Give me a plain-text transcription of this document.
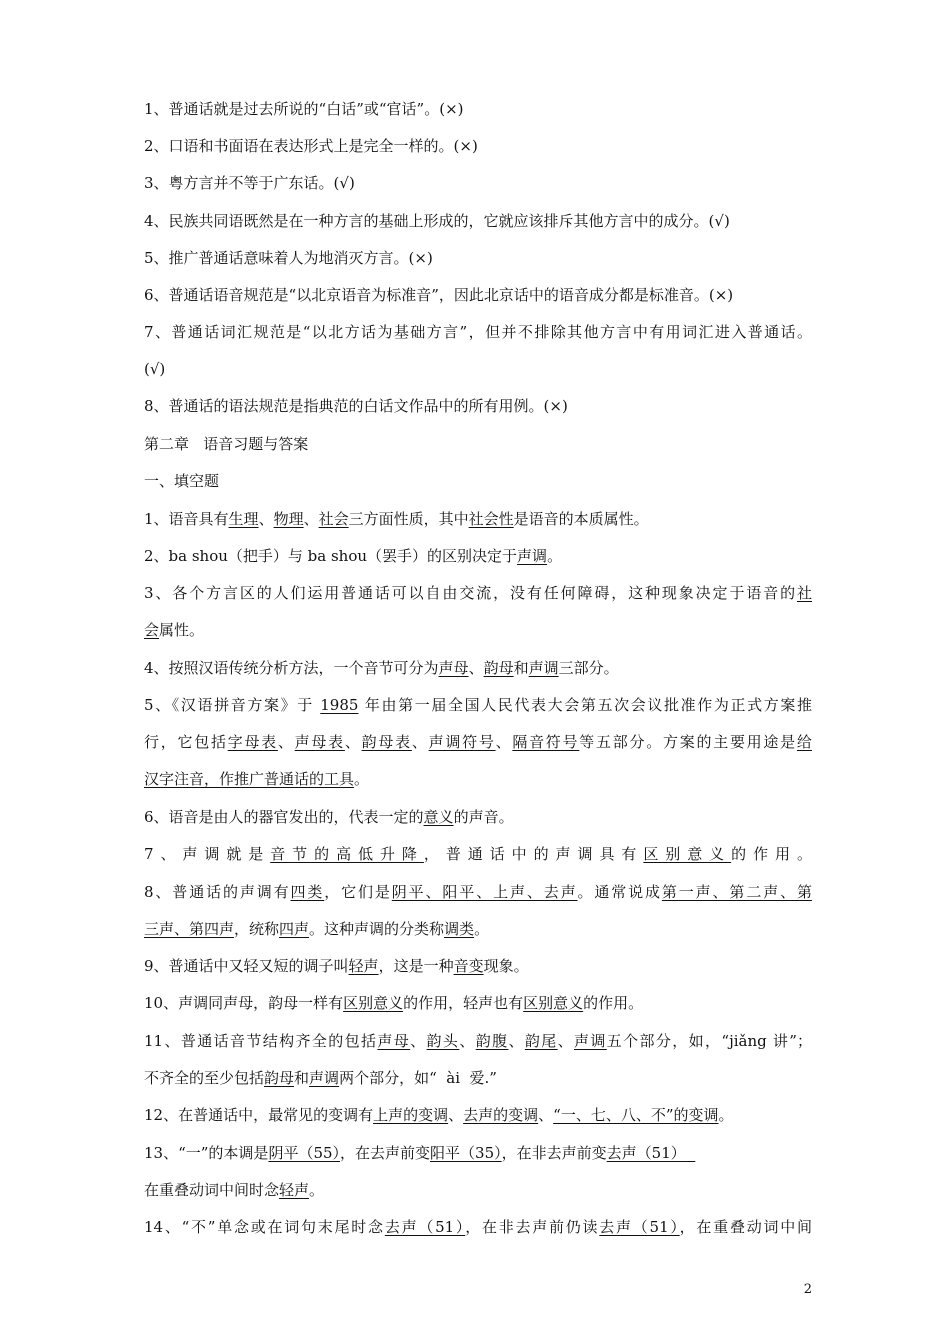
1、普通话就是过去所说的“白话”或“官话”。(×)
2、口语和书面语在表达形式上是完全一样的。(×)
3、粤方言并不等于广东话。(√)
4、民族共同语既然是在一种方言的基础上形成的，它就应该排斥其他方言中的成分。(√)
5、推广普通话意味着人为地消灭方言。(×)
6、普通话语音规范是“以北京语音为标准音”，因此北京话中的语音成分都是标准音。(×)
7、普通话词汇规范是“以北方话为基础方言”，但并不排除其他方言中有用词汇进入普通话。
(√)
8、普通话的语法规范是指典范的白话文作品中的所有用例。(×)
第二章   语音习题与答案
一、填空题
1、语音具有生理、物理、社会三方面性质，其中社会性是语音的本质属性。
2、ba shou（把手）与 ba shou（罢手）的区别决定于声调。
3、各个方言区的人们运用普通话可以自由交流，没有任何障碍，这种现象决定于语音的社
会属性。
4、按照汉语传统分析方法，一个音节可分为声母、韵母和声调三部分。
5、《汉语拼音方案》于 1985 年由第一届全国人民代表大会第五次会议批准作为正式方案推
行，它包括字母表、声母表、韵母表、声调符号、隔音符号等五部分。方案的主要用途是给
汉字注音，作推广普通话的工具。
6、语音是由人的器官发出的，代表一定的意义的声音。
7、声调就是音节的高低升降，普通话中的声调具有区别意义的作用。
8、普通话的声调有四类，它们是阴平、阳平、上声、去声。通常说成第一声、第二声、第
三声、第四声，统称四声。这种声调的分类称调类。
9、普通话中又轻又短的调子叫轻声，这是一种音变现象。
10、声调同声母，韵母一样有区别意义的作用，轻声也有区别意义的作用。
11、普通话音节结构齐全的包括声母、韵头、韵腹、韵尾、声调五个部分，如，“jiǎng 讲”；
不齐全的至少包括韵母和声调两个部分，如“  ài  爱.”
12、在普通话中，最常见的变调有上声的变调、去声的变调、“一、七、八、不”的变调。
13、“一”的本调是阴平（55），在去声前变阳平（35），在非去声前变去声（51）
在重叠动词中间时念轻声。
14、“不”单念或在词句末尾时念去声（51），在非去声前仍读去声（51），在重叠动词中间
2
